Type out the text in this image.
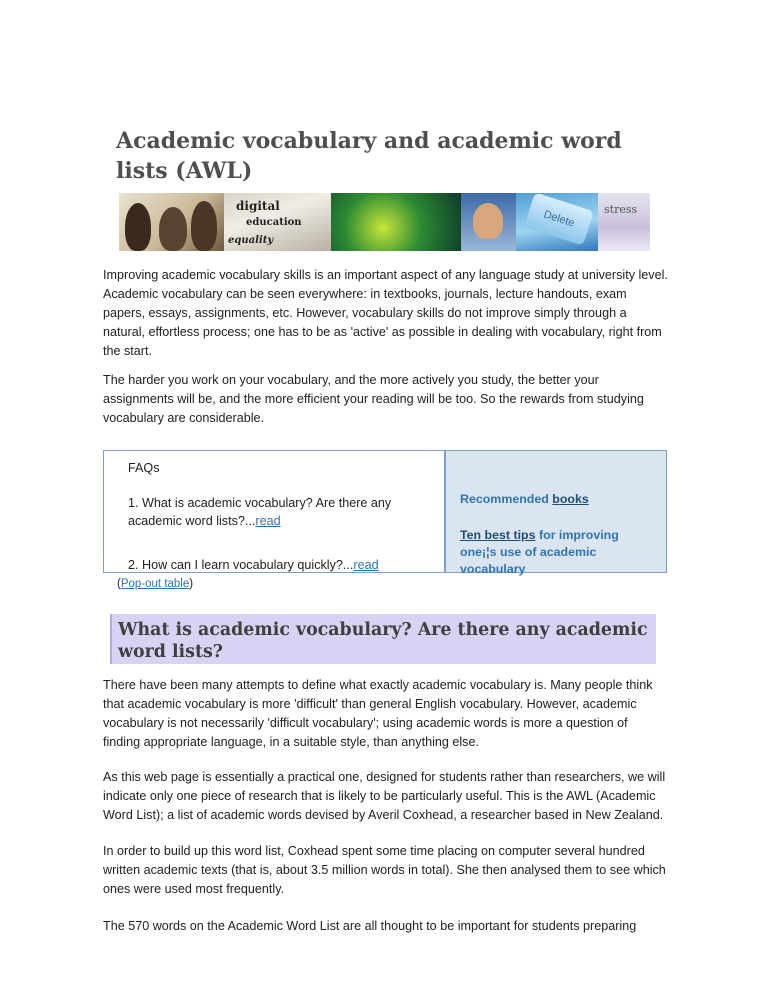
Academic vocabulary and academic word lists (AWL)
digital
education
equality
Delete	stress

Improving academic vocabulary skills is an important aspect of any language study at university level. Academic vocabulary can be seen everywhere: in textbooks, journals, lecture handouts, exam papers, essays, assignments, etc. However, vocabulary skills do not improve simply through a natural, effortless process; one has to be as 'active' as possible in dealing with vocabulary, right from the start.

The harder you work on your vocabulary, and the more actively you study, the better your assignments will be, and the more efficient your reading will be too. So the rewards from studying vocabulary are considerable.

FAQs
1. What is academic vocabulary? Are there any academic word lists?...read
2. How can I learn vocabulary quickly?...read
Recommended books
Ten best tips for improving one¡¦s use of academic vocabulary
(Pop-out table)
What is academic vocabulary? Are there any academic word lists?

There have been many attempts to define what exactly academic vocabulary is. Many people think that academic vocabulary is more 'difficult' than general English vocabulary. However, academic vocabulary is not necessarily 'difficult vocabulary'; using academic words is more a question of finding appropriate language, in a suitable style, than anything else.

As this web page is essentially a practical one, designed for students rather than researchers, we will indicate only one piece of research that is likely to be particularly useful. This is the AWL (Academic Word List); a list of academic words devised by Averil Coxhead, a researcher based in New Zealand.

In order to build up this word list, Coxhead spent some time placing on computer several hundred written academic texts (that is, about 3.5 million words in total). She then analysed them to see which ones were used most frequently.

The 570 words on the Academic Word List are all thought to be important for students preparing
